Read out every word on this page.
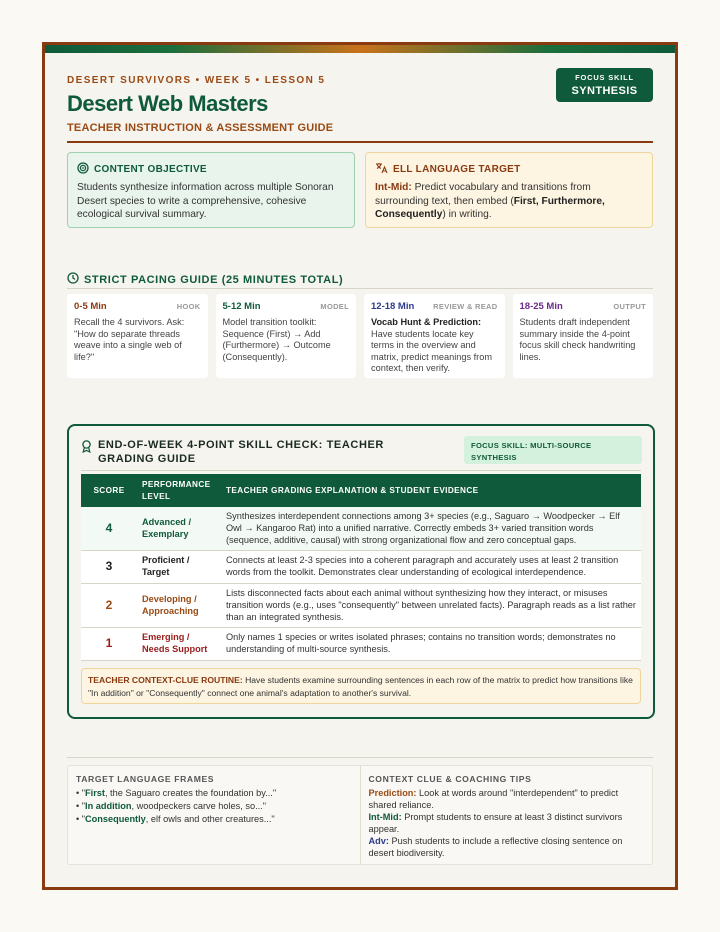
DESERT SURVIVORS • WEEK 5 • LESSON 5
Desert Web Masters
TEACHER INSTRUCTION & ASSESSMENT GUIDE
FOCUS SKILL
SYNTHESIS
CONTENT OBJECTIVE
Students synthesize information across multiple Sonoran Desert species to write a comprehensive, cohesive ecological survival summary.
ELL LANGUAGE TARGET
Int-Mid: Predict vocabulary and transitions from surrounding text, then embed (First, Furthermore, Consequently) in writing.
STRICT PACING GUIDE (25 MINUTES TOTAL)
0-5 Min	HOOK
Recall the 4 survivors. Ask: "How do separate threads weave into a single web of life?"
5-12 Min	MODEL
Model transition toolkit: Sequence (First) → Add (Furthermore) → Outcome (Consequently).
12-18 Min	REVIEW & READ
Vocab Hunt & Prediction:
Have students locate key terms in the overview and matrix, predict meanings from context, then verify.
18-25 Min	OUTPUT
Students draft independent summary inside the 4-point focus skill check handwriting lines.
END-OF-WEEK 4-POINT SKILL CHECK: TEACHER GRADING GUIDE
FOCUS SKILL: MULTI-SOURCE SYNTHESIS
SCORE	PERFORMANCE LEVEL	TEACHER GRADING EXPLANATION & STUDENT EVIDENCE
4	Advanced / Exemplary	Synthesizes interdependent connections among 3+ species (e.g., Saguaro → Woodpecker → Elf Owl → Kangaroo Rat) into a unified narrative. Correctly embeds 3+ varied transition words (sequence, additive, causal) with strong organizational flow and zero conceptual gaps.
3	Proficient / Target	Connects at least 2-3 species into a coherent paragraph and accurately uses at least 2 transition words from the toolkit. Demonstrates clear understanding of ecological interdependence.
2	Developing / Approaching	Lists disconnected facts about each animal without synthesizing how they interact, or misuses transition words (e.g., uses "consequently" between unrelated facts). Paragraph reads as a list rather than an integrated synthesis.
1	Emerging / Needs Support	Only names 1 species or writes isolated phrases; contains no transition words; demonstrates no understanding of multi-source synthesis.
TEACHER CONTEXT-CLUE ROUTINE: Have students examine surrounding sentences in each row of the matrix to predict how transitions like "In addition" or "Consequently" connect one animal's adaptation to another's survival.
TARGET LANGUAGE FRAMES
• "First, the Saguaro creates the foundation by..."
• "In addition, woodpeckers carve holes, so..."
• "Consequently, elf owls and other creatures..."
CONTEXT CLUE & COACHING TIPS
Prediction: Look at words around "interdependent" to predict shared reliance.
Int-Mid: Prompt students to ensure at least 3 distinct survivors appear.
Adv: Push students to include a reflective closing sentence on desert biodiversity.
